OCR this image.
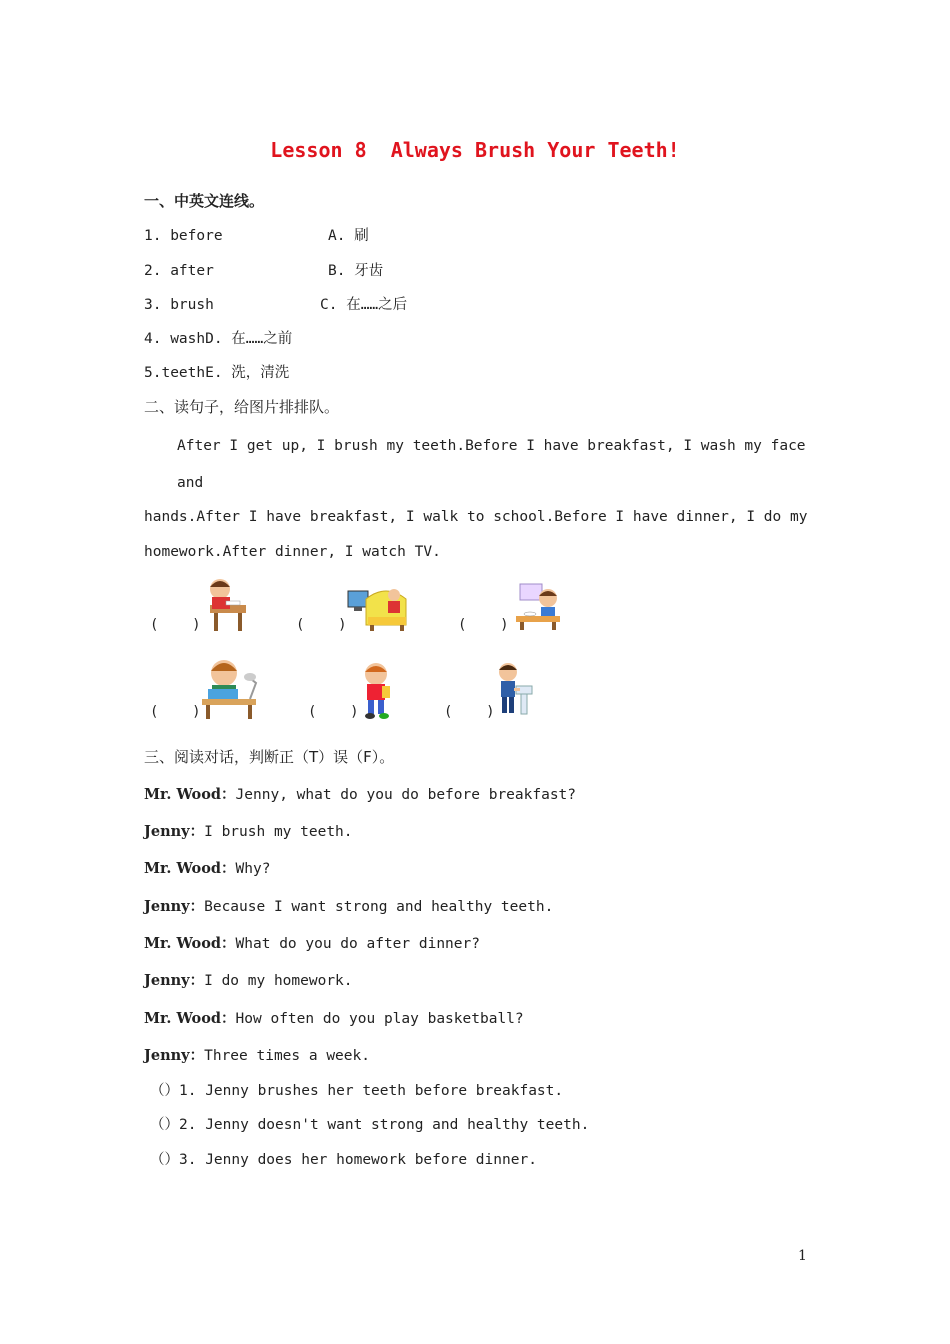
Lesson 8  Always Brush Your Teeth!
一、中英文连线。
1. before	A. 刷
2. after	B. 牙齿
3. brush	C. 在……之后
4. washD. 在……之前
5.teethE. 洗，清洗
二、读句子，给图片排排队。
After I get up, I brush my teeth.Before I have breakfast, I wash my face
and
hands.After I have breakfast, I walk to school.Before I have dinner, I do my
homework.After dinner, I watch TV.
(    )	(    )	(    )
(    )	(    )	(    )
三、阅读对话，判断正（T）误（F）。
Mr. Wood：Jenny, what do you do before breakfast?
Jenny：I brush my teeth.
Mr. Wood：Why?
Jenny：Because I want strong and healthy teeth.
Mr. Wood：What do you do after dinner?
Jenny：I do my homework.
Mr. Wood：How often do you play basketball?
Jenny：Three times a week.
（）1. Jenny brushes her teeth before breakfast.
（）2. Jenny doesn't want strong and healthy teeth.
（）3. Jenny does her homework before dinner.
1
